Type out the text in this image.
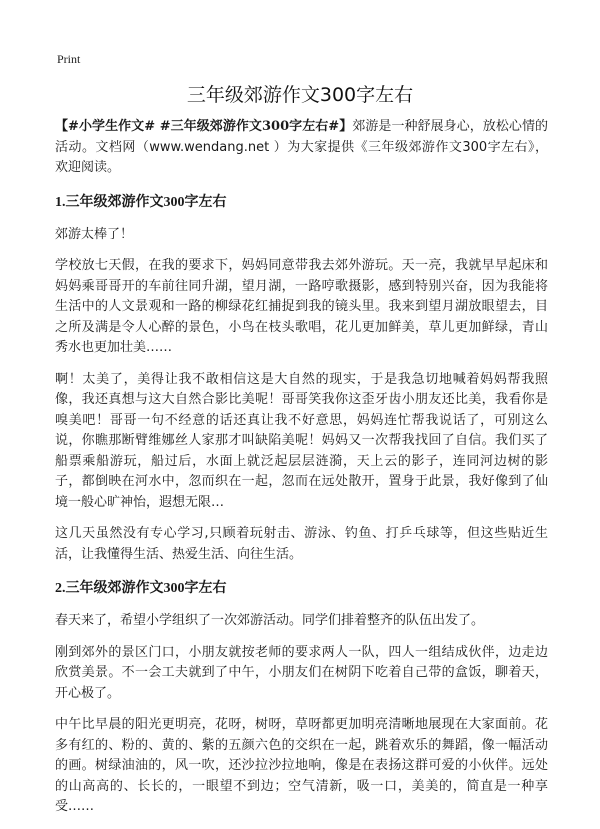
Print
三年级郊游作文300字左右

【#小学生作文# #三年级郊游作文300字左右#】郊游是一种舒展身心，放松心情的活动。文档网（www.wendang.net ）为大家提供《三年级郊游作文300字左右》，欢迎阅读。

1.三年级郊游作文300字左右

郊游太棒了！

学校放七天假，在我的要求下，妈妈同意带我去郊外游玩。天一亮，我就早早起床和妈妈乘哥哥开的车前往同升湖，望月湖，一路哼歌摄影，感到特别兴奋，因为我能将生活中的人文景观和一路的柳绿花红捕捉到我的镜头里。我来到望月湖放眼望去，目之所及满是令人心醉的景色，小鸟在枝头歌唱，花儿更加鲜美，草儿更加鲜绿，青山秀水也更加壮美……

啊！太美了，美得让我不敢相信这是大自然的现实，于是我急切地喊着妈妈帮我照像，我还真想与这大自然合影比美呢！哥哥笑我你这歪牙齿小朋友还比美，我看你是嗅美吧！哥哥一句不经意的话还真让我不好意思，妈妈连忙帮我说话了，可别这么说，你瞧那断臂维娜丝人家那才叫缺陷美呢！妈妈又一次帮我找回了自信。我们买了船票乘船游玩，船过后，水面上就泛起层层涟漪，天上云的影子，连同河边树的影子，都倒映在河水中，忽而织在一起，忽而在远处散开，置身于此景，我好像到了仙境一般心旷神怡，遐想无限…

这几天虽然没有专心学习,只顾着玩射击、游泳、钓鱼、打乒乓球等，但这些贴近生活，让我懂得生活、热爱生活、向往生活。

2.三年级郊游作文300字左右

春天来了，希望小学组织了一次郊游活动。同学们排着整齐的队伍出发了。

刚到郊外的景区门口，小朋友就按老师的要求两人一队，四人一组结成伙伴，边走边欣赏美景。不一会工夫就到了中午，小朋友们在树阴下吃着自己带的盒饭，聊着天，开心极了。

中午比早晨的阳光更明亮，花呀，树呀，草呀都更加明亮清晰地展现在大家面前。花多有红的、粉的、黄的、紫的五颜六色的交织在一起，跳着欢乐的舞蹈，像一幅活动的画。树绿油油的，风一吹，还沙拉沙拉地响，像是在表扬这群可爱的小伙伴。远处的山高高的、长长的，一眼望不到边；空气清新，吸一口，美美的，简直是一种享受……
